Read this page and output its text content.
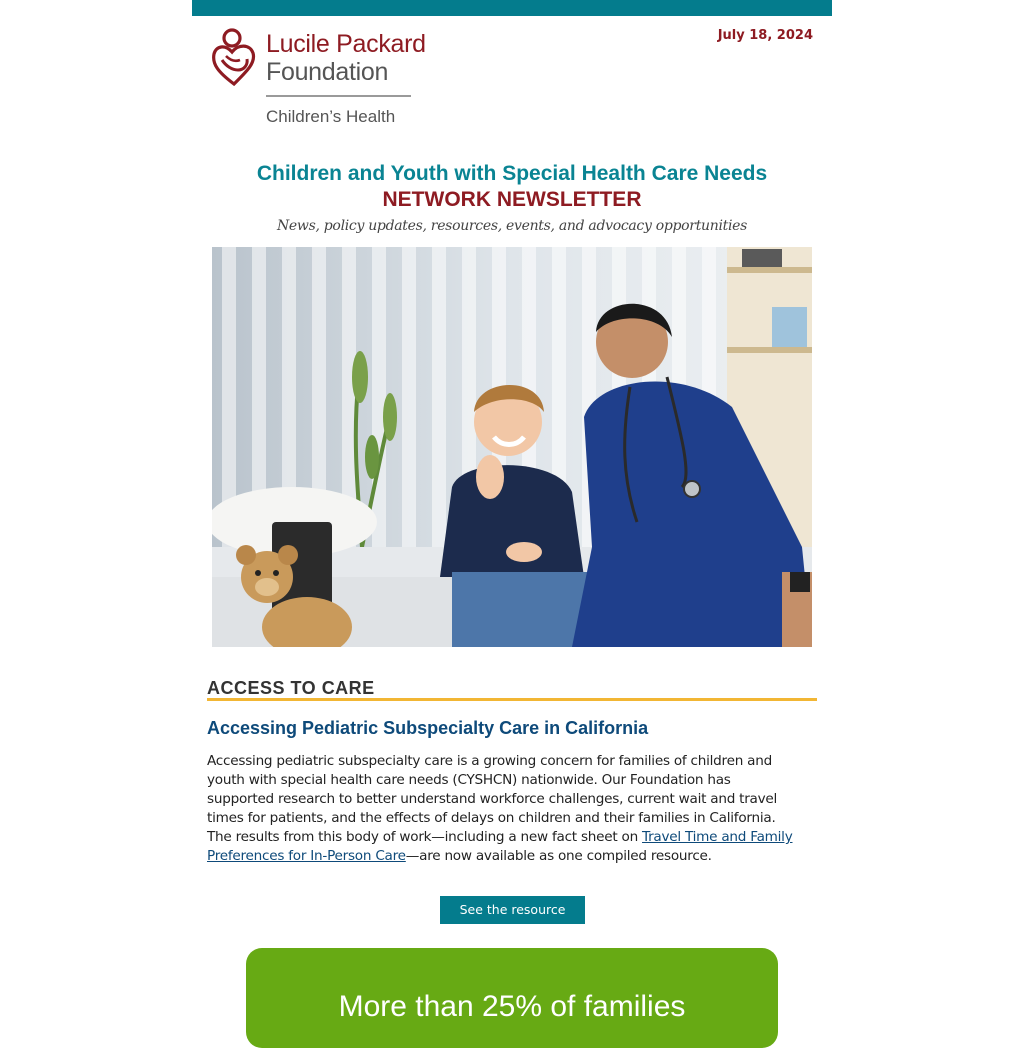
Lucile Packard
Foundation
Children’s Health
July 18, 2024
Children and Youth with Special Health Care Needs
NETWORK NEWSLETTER
News, policy updates, resources, events, and advocacy opportunities
ACCESS TO CARE
Accessing Pediatric Subspecialty Care in California
Accessing pediatric subspecialty care is a growing concern for families of children and youth with special health care needs (CYSHCN) nationwide. Our Foundation has supported research to better understand workforce challenges, current wait and travel times for patients, and the effects of delays on children and their families in California. The results from this body of work—including a new fact sheet on Travel Time and Family Preferences for In-Person Care—are now available as one compiled resource.
See the resource
More than 25% of families
